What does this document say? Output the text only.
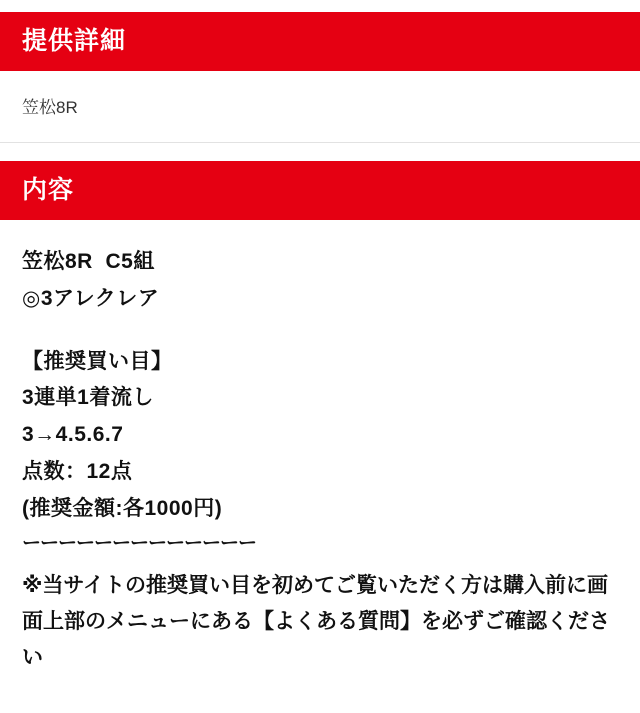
提供詳細
笠松8R
内容
笠松8R  C5組
◎3アレクレア
【推奨買い目】
3連単1着流し
3→4.5.6.7
点数：12点
(推奨金額:各1000円)
ーーーーーーーーーーーーー
※当サイトの推奨買い目を初めてご覧いただく方は購入前に画面上部のメニューにある【よくある質問】を必ずご確認ください
